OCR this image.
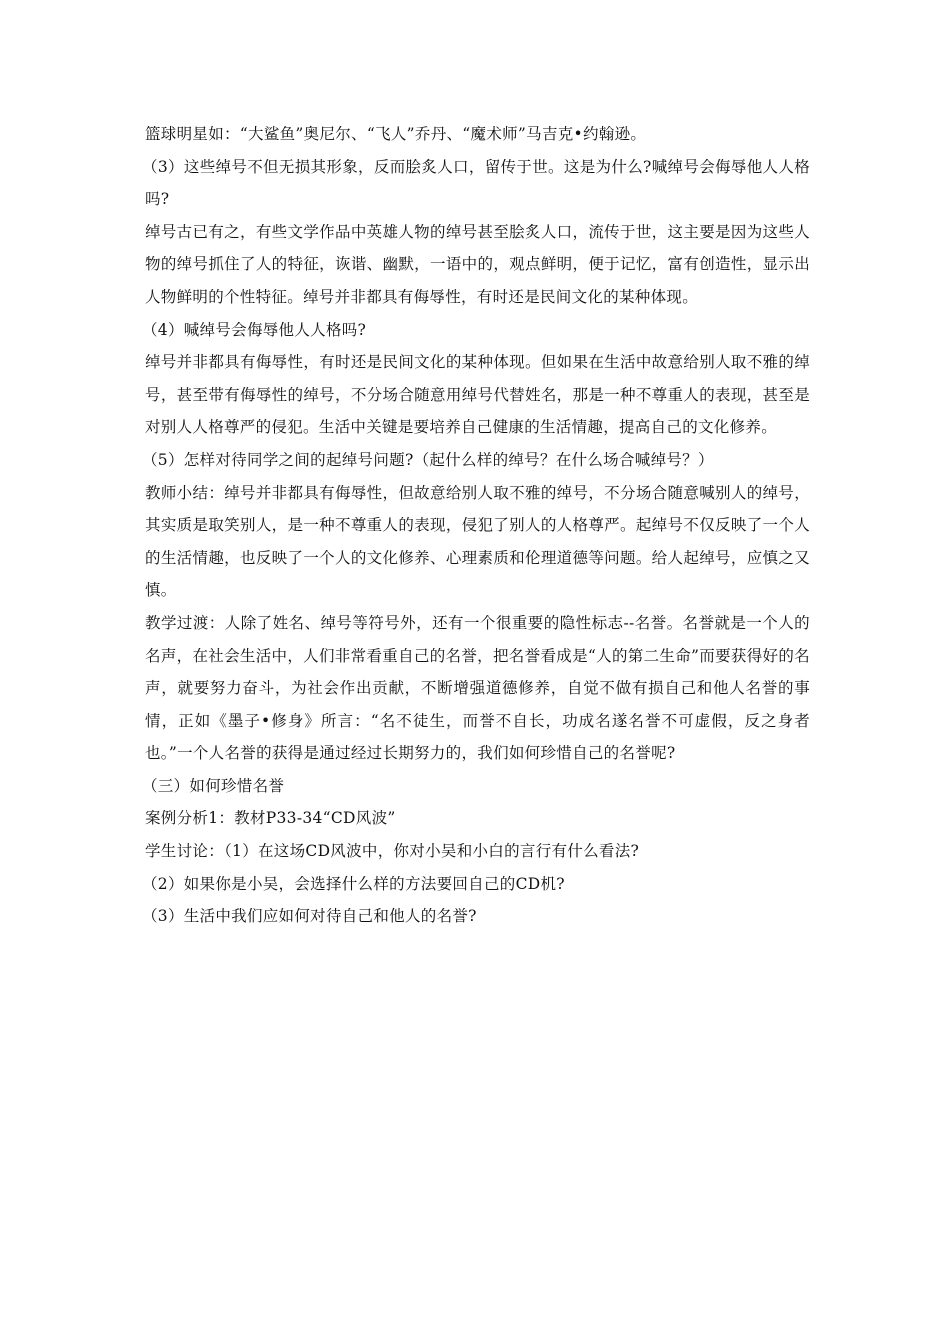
篮球明星如：“大鲨鱼”奥尼尔、“飞人”乔丹、“魔术师”马吉克•约翰逊。

（3）这些绰号不但无损其形象，反而脍炙人口，留传于世。这是为什么?喊绰号会侮辱他人人格吗?

绰号古已有之，有些文学作品中英雄人物的绰号甚至脍炙人口，流传于世，这主要是因为这些人物的绰号抓住了人的特征，诙谐、幽默，一语中的，观点鲜明，便于记忆，富有创造性，显示出人物鲜明的个性特征。绰号并非都具有侮辱性，有时还是民间文化的某种体现。

（4）喊绰号会侮辱他人人格吗?

绰号并非都具有侮辱性，有时还是民间文化的某种体现。但如果在生活中故意给别人取不雅的绰号，甚至带有侮辱性的绰号，不分场合随意用绰号代替姓名，那是一种不尊重人的表现，甚至是对别人人格尊严的侵犯。生活中关键是要培养自己健康的生活情趣，提高自己的文化修养。

（5）怎样对待同学之间的起绰号问题?（起什么样的绰号？在什么场合喊绰号？）

教师小结：绰号并非都具有侮辱性，但故意给别人取不雅的绰号，不分场合随意喊别人的绰号，其实质是取笑别人，是一种不尊重人的表现，侵犯了别人的人格尊严。起绰号不仅反映了一个人的生活情趣，也反映了一个人的文化修养、心理素质和伦理道德等问题。给人起绰号，应慎之又慎。

教学过渡：人除了姓名、绰号等符号外，还有一个很重要的隐性标志--名誉。名誉就是一个人的名声，在社会生活中，人们非常看重自己的名誉，把名誉看成是“人的第二生命”而要获得好的名声，就要努力奋斗，为社会作出贡献，不断增强道德修养，自觉不做有损自己和他人名誉的事情，正如《墨子•修身》所言：“名不徒生，而誉不自长，功成名遂名誉不可虚假，反之身者也。”一个人名誉的获得是通过经过长期努力的，我们如何珍惜自己的名誉呢?

（三）如何珍惜名誉

案例分析1：教材P33-34“CD风波”

学生讨论：（1）在这场CD风波中，你对小吴和小白的言行有什么看法?

（2）如果你是小吴，会选择什么样的方法要回自己的CD机?

（3）生活中我们应如何对待自己和他人的名誉?
